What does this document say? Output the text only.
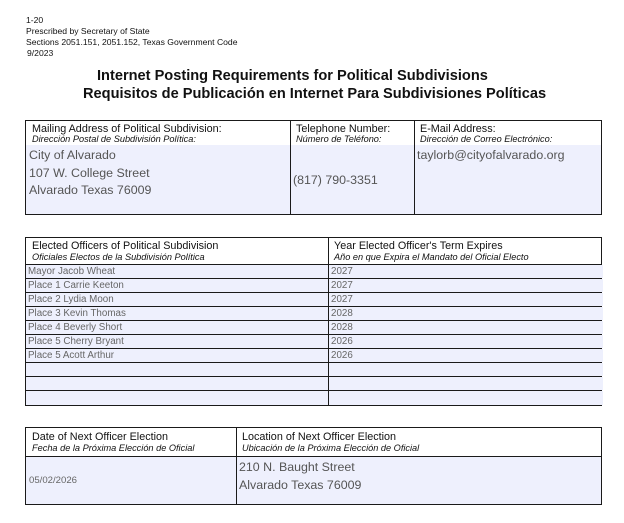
1-20
Prescribed by Secretary of State
Sections 2051.151, 2051.152, Texas Government Code
9/2023
Internet Posting Requirements for Political Subdivisions
Requisitos de Publicación en Internet Para Subdivisiones Políticas
Mailing Address of Political Subdivision:
Dirección Postal de Subdivisión Política:
City of Alvarado
107 W. College Street
Alvarado Texas 76009
Telephone Number:
Número de Teléfono:
(817) 790-3351
E-Mail Address:
Dirección de Correo Electrónico:
taylorb@cityofalvarado.org
Elected Officers of Political Subdivision
Oficiales Electos de la Subdivisión Política
Year Elected Officer's Term Expires
Año en que Expira el Mandato del Oficial Electo
Mayor Jacob Wheat	2027
Place 1 Carrie Keeton	2027
Place 2 Lydia Moon	2027
Place 3 Kevin Thomas	2028
Place 4 Beverly Short	2028
Place 5 Cherry Bryant	2026
Place 5 Acott Arthur	2026
Date of Next Officer Election
Fecha de la Próxima Elección de Oficial
05/02/2026
Location of Next Officer Election
Ubicación de la Próxima Elección de Oficial
210 N. Baught Street
Alvarado Texas 76009
